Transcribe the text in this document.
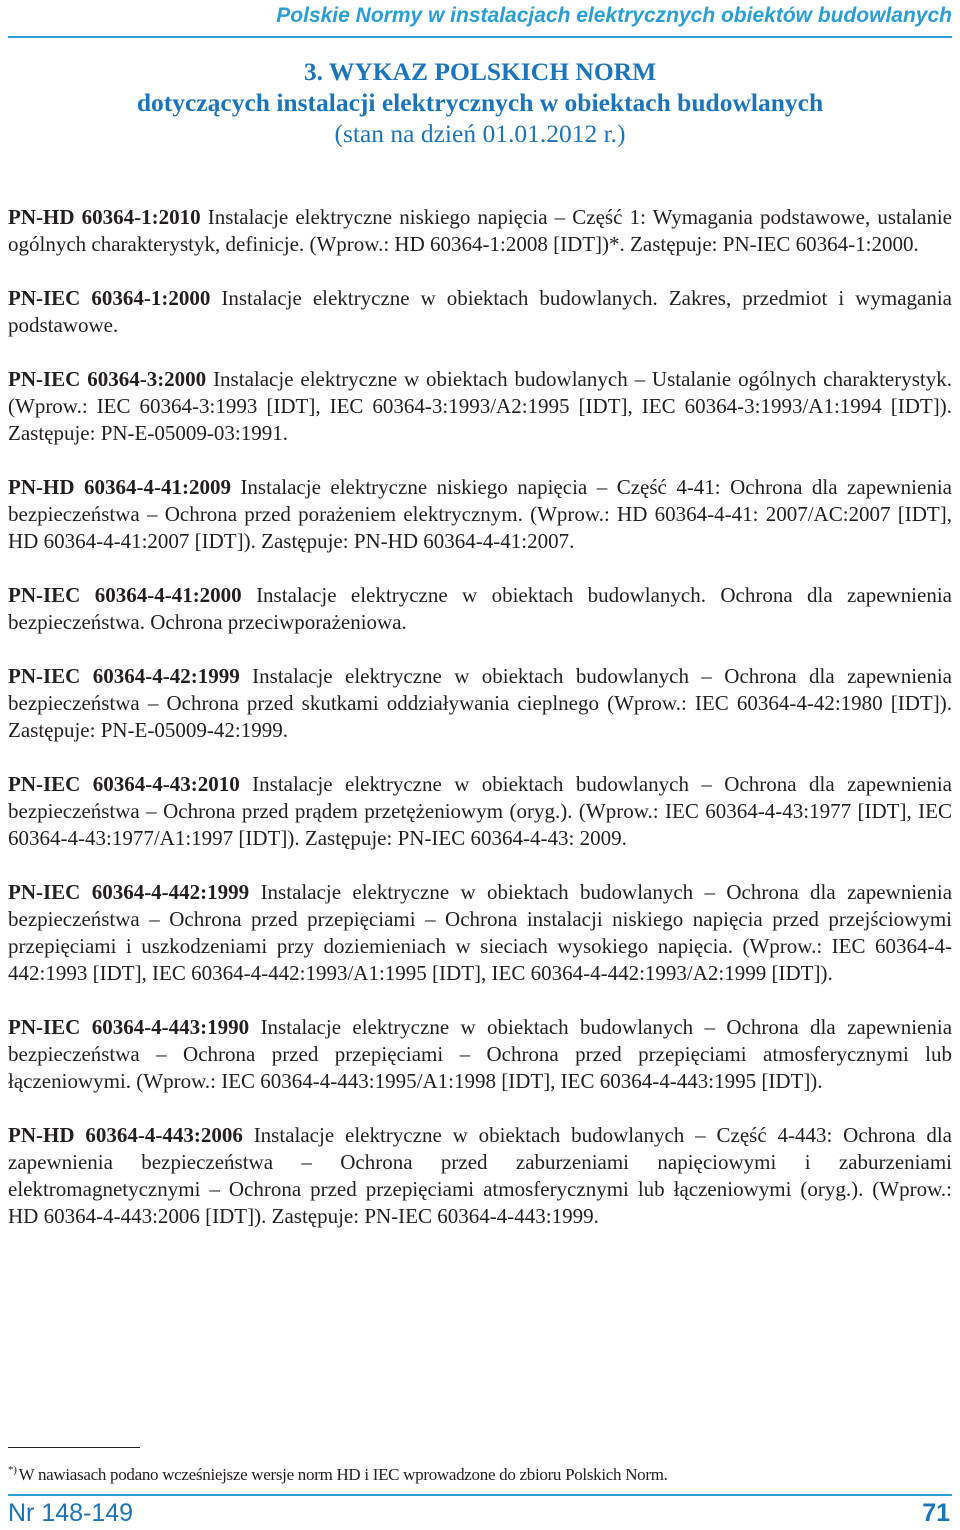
Polskie Normy w instalacjach elektrycznych obiektów budowlanych
3. WYKAZ POLSKICH NORM
dotyczących instalacji elektrycznych w obiektach budowlanych
(stan na dzień 01.01.2012 r.)

PN-HD 60364-1:2010 Instalacje elektryczne niskiego napięcia – Część 1: Wymagania podstawowe, ustalanie ogólnych charakterystyk, definicje. (Wprow.: HD 60364-1:2008 [IDT])*. Zastępuje: PN-IEC 60364-1:2000.

PN-IEC 60364-1:2000 Instalacje elektryczne w obiektach budowlanych. Zakres, przedmiot i wymagania podstawowe.

PN-IEC 60364-3:2000 Instalacje elektryczne w obiektach budowlanych – Ustalanie ogólnych charakterystyk. (Wprow.: IEC 60364-3:1993 [IDT], IEC 60364-3:1993/A2:1995 [IDT], IEC 60364-3:1993/A1:1994 [IDT]). Zastępuje: PN-E-05009-03:1991.

PN-HD 60364-4-41:2009 Instalacje elektryczne niskiego napięcia – Część 4-41: Ochrona dla zapewnienia bezpieczeństwa – Ochrona przed porażeniem elektrycznym. (Wprow.: HD 60364-4-41: 2007/AC:2007 [IDT], HD 60364-4-41:2007 [IDT]). Zastępuje: PN-HD 60364-4-41:2007.

PN-IEC 60364-4-41:2000 Instalacje elektryczne w obiektach budowlanych. Ochrona dla zapewnienia bezpieczeństwa. Ochrona przeciwporażeniowa.

PN-IEC 60364-4-42:1999 Instalacje elektryczne w obiektach budowlanych – Ochrona dla zapewnienia bezpieczeństwa – Ochrona przed skutkami oddziaływania cieplnego (Wprow.: IEC 60364-4-42:1980 [IDT]). Zastępuje: PN-E-05009-42:1999.

PN-IEC 60364-4-43:2010 Instalacje elektryczne w obiektach budowlanych – Ochrona dla zapewnienia bezpieczeństwa – Ochrona przed prądem przetężeniowym (oryg.). (Wprow.: IEC 60364-4-43:1977 [IDT], IEC 60364-4-43:1977/A1:1997 [IDT]). Zastępuje: PN-IEC 60364-4-43: 2009.

PN-IEC 60364-4-442:1999 Instalacje elektryczne w obiektach budowlanych – Ochrona dla zapewnienia bezpieczeństwa – Ochrona przed przepięciami – Ochrona instalacji niskiego napięcia przed przejściowymi przepięciami i uszkodzeniami przy doziemieniach w sieciach wysokiego napięcia. (Wprow.: IEC 60364-4-442:1993 [IDT], IEC 60364-4-442:1993/A1:1995 [IDT], IEC 60364-4-442:1993/A2:1999 [IDT]).

PN-IEC 60364-4-443:1990 Instalacje elektryczne w obiektach budowlanych – Ochrona dla zapewnienia bezpieczeństwa – Ochrona przed przepięciami – Ochrona przed przepięciami atmosferycznymi lub łączeniowymi. (Wprow.: IEC 60364-4-443:1995/A1:1998 [IDT], IEC 60364-4-443:1995 [IDT]).

PN-HD 60364-4-443:2006 Instalacje elektryczne w obiektach budowlanych – Część 4-443: Ochrona dla zapewnienia bezpieczeństwa – Ochrona przed zaburzeniami napięciowymi i zaburzeniami elektromagnetycznymi – Ochrona przed przepięciami atmosferycznymi lub łączeniowymi (oryg.). (Wprow.: HD 60364-4-443:2006 [IDT]). Zastępuje: PN-IEC 60364-4-443:1999.

*) W nawiasach podano wcześniejsze wersje norm HD i IEC wprowadzone do zbioru Polskich Norm.
Nr 148-149	71
